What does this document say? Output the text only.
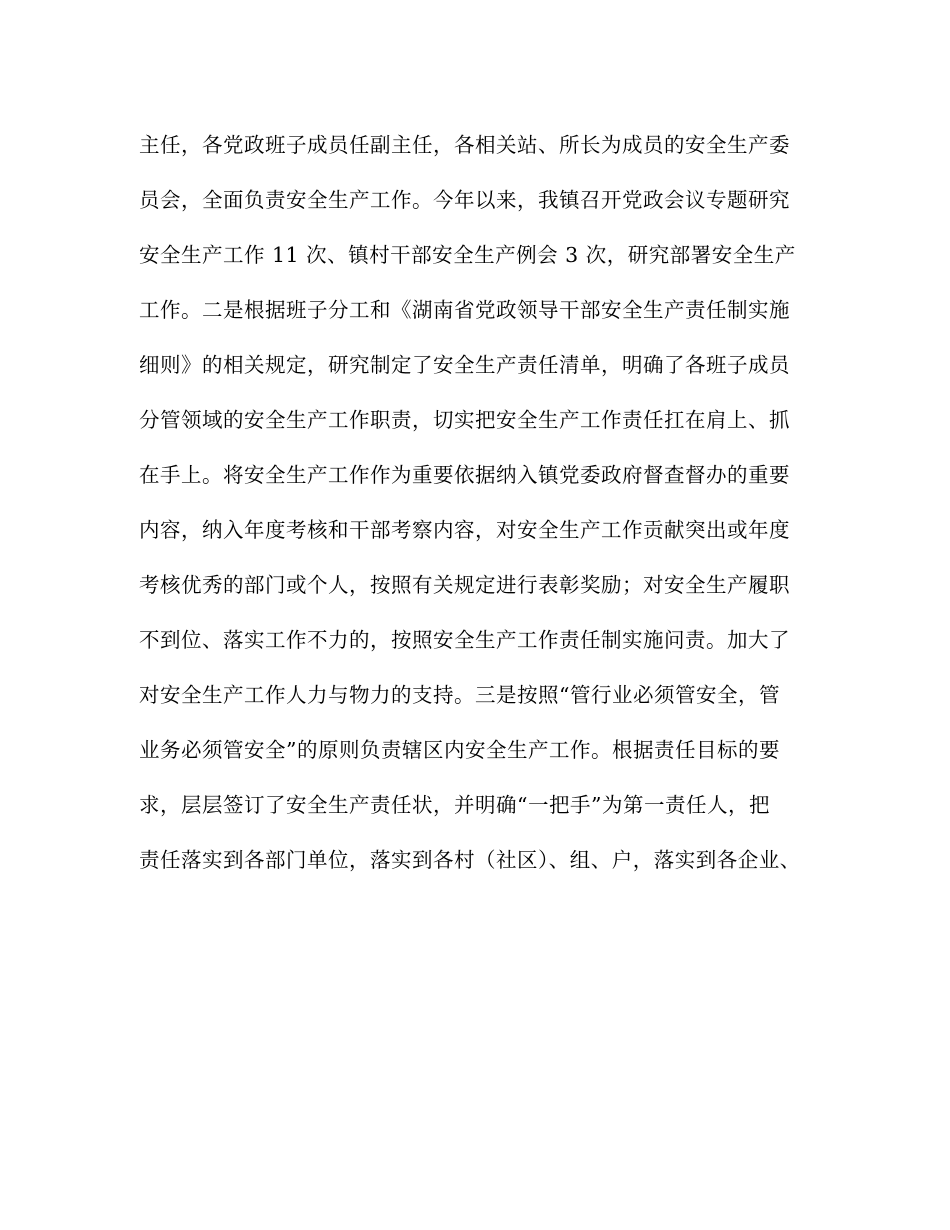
主任，各党政班子成员任副主任，各相关站、所长为成员的安全生产委
员会，全面负责安全生产工作。今年以来，我镇召开党政会议专题研究
安全生产工作 11 次、镇村干部安全生产例会 3 次，研究部署安全生产
工作。二是根据班子分工和《湖南省党政领导干部安全生产责任制实施
细则》的相关规定，研究制定了安全生产责任清单，明确了各班子成员
分管领域的安全生产工作职责，切实把安全生产工作责任扛在肩上、抓
在手上。将安全生产工作作为重要依据纳入镇党委政府督查督办的重要
内容，纳入年度考核和干部考察内容，对安全生产工作贡献突出或年度
考核优秀的部门或个人，按照有关规定进行表彰奖励；对安全生产履职
不到位、落实工作不力的，按照安全生产工作责任制实施问责。加大了
对安全生产工作人力与物力的支持。三是按照“管行业必须管安全，管
业务必须管安全”的原则负责辖区内安全生产工作。根据责任目标的要
求，层层签订了安全生产责任状，并明确“一把手”为第一责任人，把
责任落实到各部门单位，落实到各村（社区）、组、户，落实到各企业、
